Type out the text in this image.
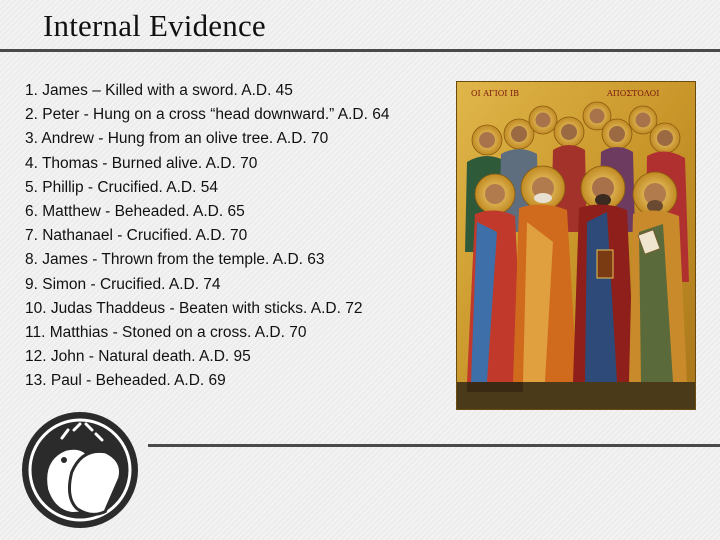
Internal Evidence
1. James – Killed with a sword. A.D. 45
2. Peter - Hung on a cross “head downward.” A.D. 64
3. Andrew - Hung from an olive tree. A.D. 70
4. Thomas - Burned alive. A.D. 70
5. Phillip - Crucified. A.D. 54
6. Matthew - Beheaded. A.D. 65
7. Nathanael - Crucified. A.D. 70
8. James - Thrown from the temple. A.D. 63
9. Simon - Crucified. A.D. 74
10. Judas Thaddeus - Beaten with sticks. A.D. 72
11. Matthias - Stoned on a cross. A.D. 70
12. John - Natural death. A.D. 95
13. Paul - Beheaded. A.D. 69
ΟΙ ΑΓΙΟΙ ΙΒ	ΑΠΟΣΤΟΛΟΙ
